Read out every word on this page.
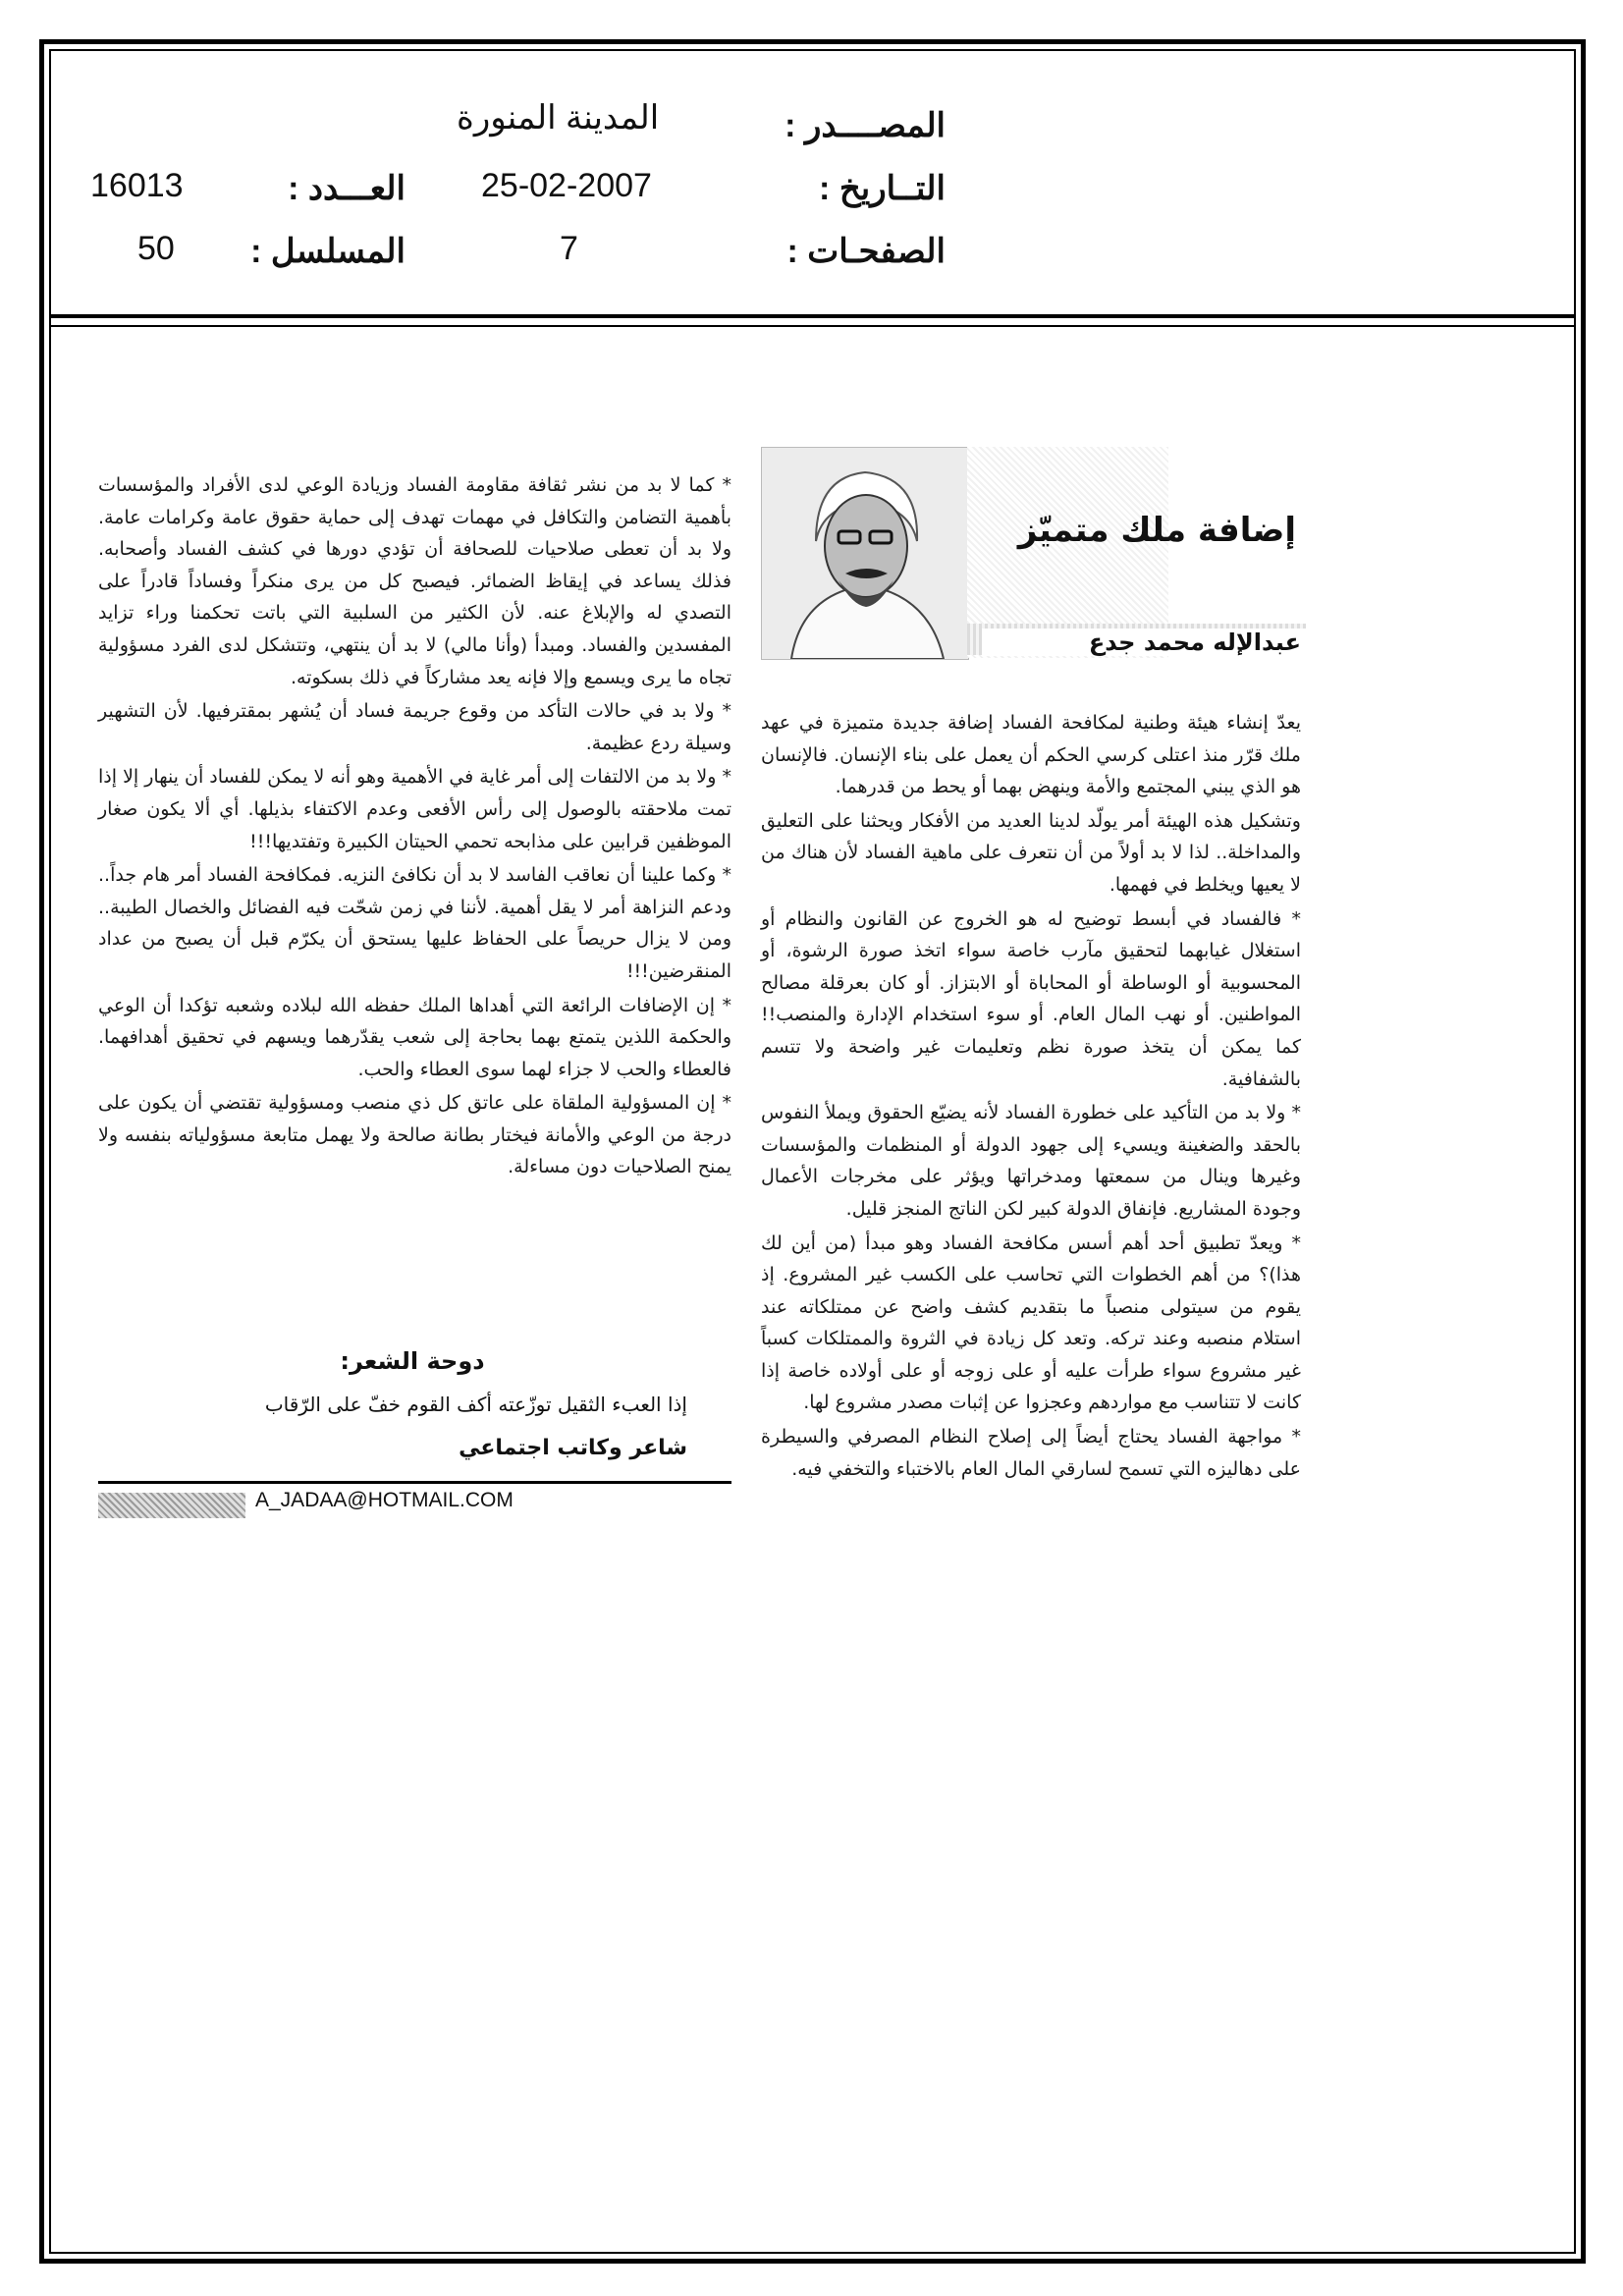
المصــــدر :
المدينة المنورة
التــاريخ :
25-02-2007
العـــدد :
16013
الصفحـات :
7
المسلسل :
50
إضافة ملك متميّز
عبدالإله محمد جدع

يعدّ إنشاء هيئة وطنية لمكافحة الفساد إضافة جديدة متميزة في عهد ملك قرّر منذ اعتلى كرسي الحكم أن يعمل على بناء الإنسان. فالإنسان هو الذي يبني المجتمع والأمة وينهض بهما أو يحط من قدرهما.

وتشكيل هذه الهيئة أمر يولّد لدينا العديد من الأفكار ويحثنا على التعليق والمداخلة.. لذا لا بد أولاً من أن نتعرف على ماهية الفساد لأن هناك من لا يعيها ويخلط في فهمها.

* فالفساد في أبسط توضيح له هو الخروج عن القانون والنظام أو استغلال غيابهما لتحقيق مآرب خاصة سواء اتخذ صورة الرشوة، أو المحسوبية أو الوساطة أو المحاباة أو الابتزاز. أو كان بعرقلة مصالح المواطنين. أو نهب المال العام. أو سوء استخدام الإدارة والمنصب!! كما يمكن أن يتخذ صورة نظم وتعليمات غير واضحة ولا تتسم بالشفافية.

* ولا بد من التأكيد على خطورة الفساد لأنه يضيّع الحقوق ويملأ النفوس بالحقد والضغينة ويسيء إلى جهود الدولة أو المنظمات والمؤسسات وغيرها وينال من سمعتها ومدخراتها ويؤثر على مخرجات الأعمال وجودة المشاريع. فإنفاق الدولة كبير لكن الناتج المنجز قليل.

* ويعدّ تطبيق أحد أهم أسس مكافحة الفساد وهو مبدأ (من أين لك هذا)؟ من أهم الخطوات التي تحاسب على الكسب غير المشروع. إذ يقوم من سيتولى منصباً ما بتقديم كشف واضح عن ممتلكاته عند استلام منصبه وعند تركه. وتعد كل زيادة في الثروة والممتلكات كسباً غير مشروع سواء طرأت عليه أو على زوجه أو على أولاده خاصة إذا كانت لا تتناسب مع مواردهم وعجزوا عن إثبات مصدر مشروع لها.

* مواجهة الفساد يحتاج أيضاً إلى إصلاح النظام المصرفي والسيطرة على دهاليزه التي تسمح لسارقي المال العام بالاختباء والتخفي فيه.

* كما لا بد من نشر ثقافة مقاومة الفساد وزيادة الوعي لدى الأفراد والمؤسسات بأهمية التضامن والتكافل في مهمات تهدف إلى حماية حقوق عامة وكرامات عامة. ولا بد أن تعطى صلاحيات للصحافة أن تؤدي دورها في كشف الفساد وأصحابه. فذلك يساعد في إيقاظ الضمائر. فيصبح كل من يرى منكراً وفساداً قادراً على التصدي له والإبلاغ عنه. لأن الكثير من السلبية التي باتت تحكمنا وراء تزايد المفسدين والفساد. ومبدأ (وأنا مالي) لا بد أن ينتهي، وتتشكل لدى الفرد مسؤولية تجاه ما يرى ويسمع وإلا فإنه يعد مشاركاً في ذلك بسكوته.

* ولا بد في حالات التأكد من وقوع جريمة فساد أن يُشهر بمقترفيها. لأن التشهير وسيلة ردع عظيمة.

* ولا بد من الالتفات إلى أمر غاية في الأهمية وهو أنه لا يمكن للفساد أن ينهار إلا إذا تمت ملاحقته بالوصول إلى رأس الأفعى وعدم الاكتفاء بذيلها. أي ألا يكون صغار الموظفين قرابين على مذابحه تحمي الحيتان الكبيرة وتفتديها!!!

* وكما علينا أن نعاقب الفاسد لا بد أن نكافئ النزيه. فمكافحة الفساد أمر هام جداً.. ودعم النزاهة أمر لا يقل أهمية. لأننا في زمن شحّت فيه الفضائل والخصال الطيبة.. ومن لا يزال حريصاً على الحفاظ عليها يستحق أن يكرّم قبل أن يصبح من عداد المنقرضين!!!

* إن الإضافات الرائعة التي أهداها الملك حفظه الله لبلاده وشعبه تؤكدا أن الوعي والحكمة اللذين يتمتع بهما بحاجة إلى شعب يقدّرهما ويسهم في تحقيق أهدافهما. فالعطاء والحب لا جزاء لهما سوى العطاء والحب.

* إن المسؤولية الملقاة على عاتق كل ذي منصب ومسؤولية تقتضي أن يكون على درجة من الوعي والأمانة فيختار بطانة صالحة ولا يهمل متابعة مسؤولياته بنفسه ولا يمنح الصلاحيات دون مساءلة.

دوحة الشعر:
إذا العبء الثقيل توزّعته أكف القوم خفّ على الرّقاب
شاعر وكاتب اجتماعي
A_JADAA@HOTMAIL.COM
